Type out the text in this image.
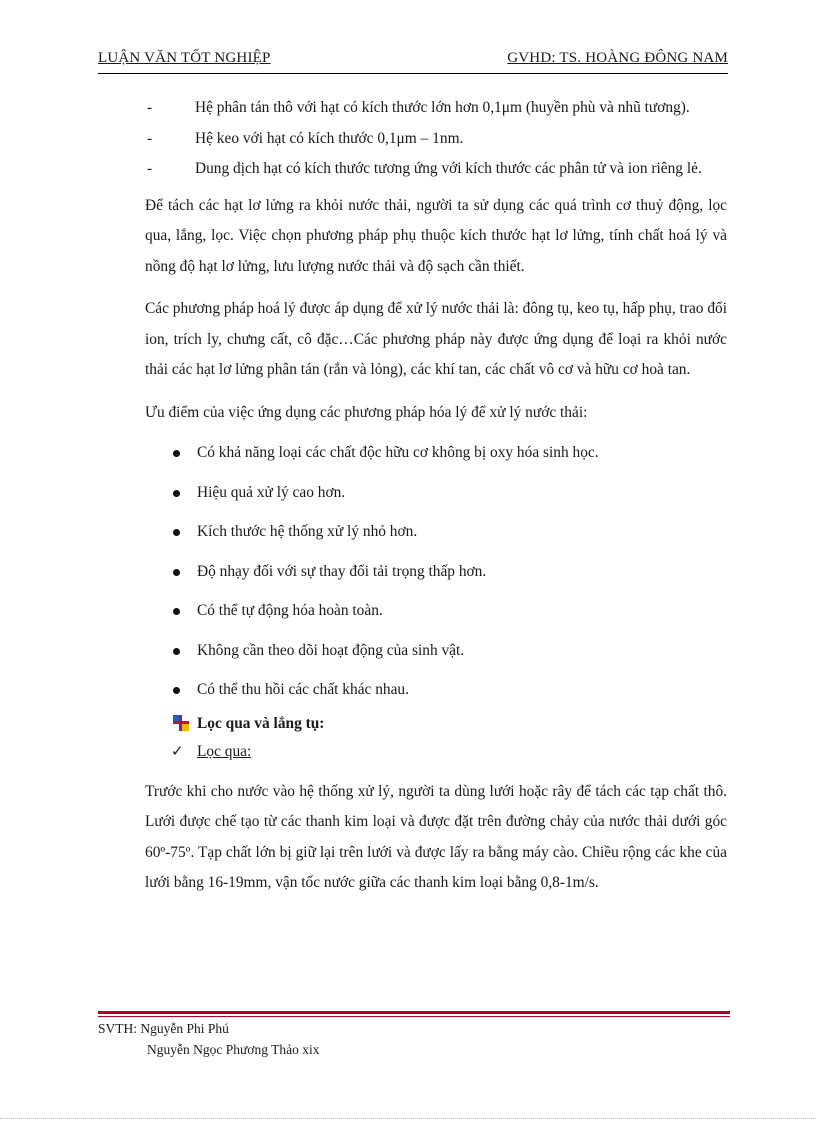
LUẬN VĂN TỐT NGHIỆP	GVHD: TS. HOÀNG ĐÔNG NAM
-	Hệ phân tán thô với hạt có kích thước lớn hơn 0,1μm (huyền phù và nhũ tương).
-	Hệ keo với hạt có kích thước 0,1μm – 1nm.
-	Dung dịch hạt có kích thước tương ứng với kích thước các phân tử và ion riêng lẻ.

Để tách các hạt lơ lửng ra khỏi nước thải, người ta sử dụng các quá trình cơ thuỷ động, lọc qua, lắng, lọc. Việc chọn phương pháp phụ thuộc kích thước hạt lơ lửng, tính chất hoá lý và nồng độ hạt lơ lửng, lưu lượng nước thải và độ sạch cần thiết.

Các phương pháp hoá lý được áp dụng để xử lý nước thải là: đông tụ, keo tụ, hấp phụ, trao đổi ion, trích ly, chưng cất, cô đặc…Các phương pháp này được ứng dụng để loại ra khỏi nước thải các hạt lơ lửng phân tán (rắn và lỏng), các khí tan, các chất vô cơ và hữu cơ hoà tan.

Ưu điểm của việc ứng dụng các phương pháp hóa lý để xử lý nước thải:

Có khả năng loại các chất độc hữu cơ không bị oxy hóa sinh học.
Hiệu quả xử lý cao hơn.
Kích thước hệ thống xử lý nhỏ hơn.
Độ nhạy đối với sự thay đổi tải trọng thấp hơn.
Có thể tự động hóa hoàn toàn.
Không cần theo dõi hoạt động của sinh vật.
Có thể thu hồi các chất khác nhau.
Lọc qua và lắng tụ:
✓ Lọc qua:

Trước khi cho nước vào hệ thống xử lý, người ta dùng lưới hoặc rây để tách các tạp chất thô. Lưới được chế tạo từ các thanh kim loại và được đặt trên đường chảy của nước thải dưới góc 60º-75º. Tạp chất lớn bị giữ lại trên lưới và được lấy ra bằng máy cào. Chiều rộng các khe của lưới bằng 16-19mm, vận tốc nước giữa các thanh kim loại bằng 0,8-1m/s.

SVTH: Nguyễn Phi Phú
Nguyễn Ngọc Phương Thảo xix
